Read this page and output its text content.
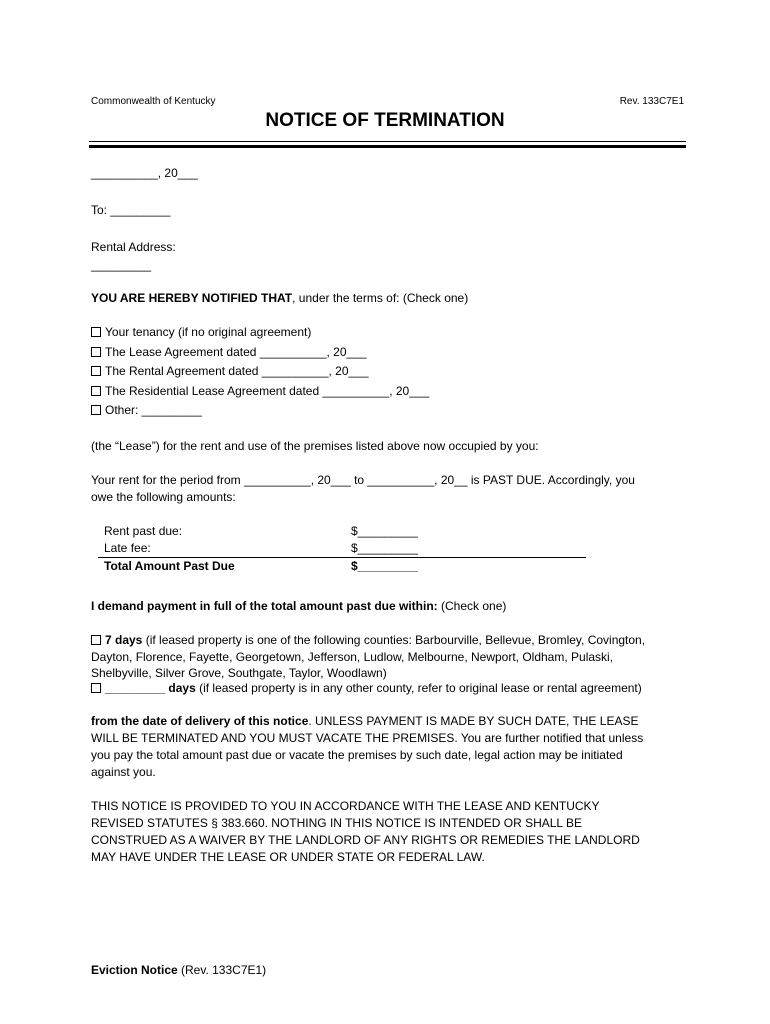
Commonwealth of Kentucky	Rev. 133C7E1
NOTICE OF TERMINATION
__________, 20___
To: _________
Rental Address:
_________
YOU ARE HEREBY NOTIFIED THAT, under the terms of: (Check one)
Your tenancy (if no original agreement)
The Lease Agreement dated __________, 20___
The Rental Agreement dated __________, 20___
The Residential Lease Agreement dated __________, 20___
Other: _________
(the “Lease”) for the rent and use of the premises listed above now occupied by you:
Your rent for the period from __________, 20___ to __________, 20__ is PAST DUE. Accordingly, you
owe the following amounts:
Rent past due:	$_________
Late fee:	$_________
Total Amount Past Due	$_________
I demand payment in full of the total amount past due within: (Check one)
7 days (if leased property is one of the following counties: Barbourville, Bellevue, Bromley, Covington,
Dayton, Florence, Fayette, Georgetown, Jefferson, Ludlow, Melbourne, Newport, Oldham, Pulaski,
Shelbyville, Silver Grove, Southgate, Taylor, Woodlawn)
_________ days (if leased property is in any other county, refer to original lease or rental agreement)
from the date of delivery of this notice. UNLESS PAYMENT IS MADE BY SUCH DATE, THE LEASE
WILL BE TERMINATED AND YOU MUST VACATE THE PREMISES. You are further notified that unless
you pay the total amount past due or vacate the premises by such date, legal action may be initiated
against you.
THIS NOTICE IS PROVIDED TO YOU IN ACCORDANCE WITH THE LEASE AND KENTUCKY
REVISED STATUTES § 383.660. NOTHING IN THIS NOTICE IS INTENDED OR SHALL BE
CONSTRUED AS A WAIVER BY THE LANDLORD OF ANY RIGHTS OR REMEDIES THE LANDLORD
MAY HAVE UNDER THE LEASE OR UNDER STATE OR FEDERAL LAW.
Eviction Notice (Rev. 133C7E1)
